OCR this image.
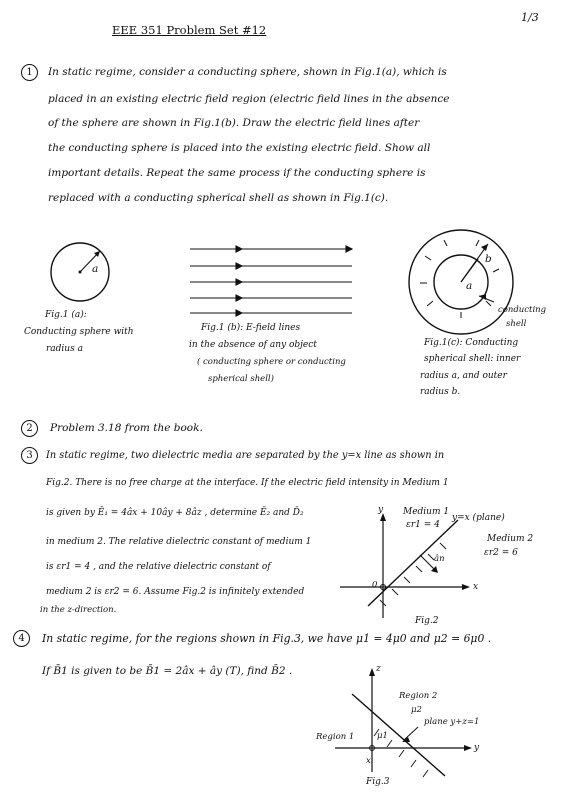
1/3
EEE 351 Problem Set #12
1	In static regime, consider a conducting sphere, shown in Fig.1(a), which is
placed in an existing electric field region (electric field lines in the absence
of the sphere are shown in Fig.1(b). Draw the electric field lines after
the conducting sphere is placed into the existing electric field. Show all
important details. Repeat the same process if the conducting sphere is
replaced with a conducting spherical shell as shown in Fig.1(c).
a
Fig.1 (a):
Conducting sphere with
radius a
Fig.1 (b): E-field lines
in the absence of any object
( conducting sphere or conducting
spherical shell)
a
b
conducting
shell
Fig.1(c): Conducting
spherical shell: inner
radius a, and outer
radius b.
2	Problem 3.18 from the book.
3	In static regime, two dielectric media are separated by the y=x line as shown in
Fig.2. There is no free charge at the interface. If the electric field intensity in Medium 1
is given by Ē₁ = 4âx + 10ây + 8âz , determine Ē₂ and D̄₂
in medium 2. The relative dielectric constant of medium 1
is εr1 = 4 , and the relative dielectric constant of
medium 2 is εr2 = 6. Assume Fig.2 is infinitely extended
in the z-direction.
y Medium 1
εr1 = 4
y=x (plane)
Medium 2
εr2 = 6
ân
0	x
Fig.2
4	In static regime, for the regions shown in Fig.3, we have μ1 = 4μ0 and μ2 = 6μ0 .
If B̄1 is given to be B̄1 = 2âx + ây (T), find B̄2 .	z
Region 2
μ2
plane y+z=1
Region 1	μ1
y
x
Fig.3
